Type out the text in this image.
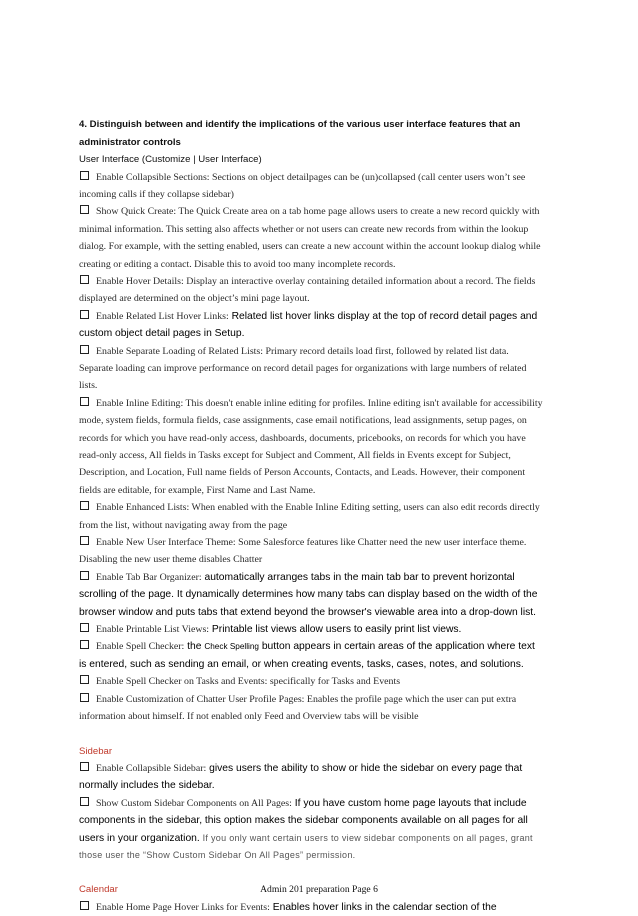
4. Distinguish between and identify the implications of the various user interface features that an administrator controls

User Interface (Customize | User Interface)

Enable Collapsible Sections: Sections on object detailpages can be (un)collapsed (call center users won’t see incoming calls if they collapse sidebar)

Show Quick Create: The Quick Create area on a tab home page allows users to create a new record quickly with minimal information. This setting also affects whether or not users can create new records from within the lookup dialog. For example, with the setting enabled, users can create a new account within the account lookup dialog while creating or editing a contact. Disable this to avoid too many incomplete records.

Enable Hover Details: Display an interactive overlay containing detailed information about a record. The fields displayed are determined on the object’s mini page layout.

Enable Related List Hover Links: Related list hover links display at the top of record detail pages and custom object detail pages in Setup.

Enable Separate Loading of Related Lists: Primary record details load first, followed by related list data. Separate loading can improve performance on record detail pages for organizations with large numbers of related lists.

Enable Inline Editing: This doesn't enable inline editing for profiles. Inline editing isn't available for accessibility mode, system fields, formula fields, case assignments, case email notifications, lead assignments, setup pages, on records for which you have read-only access, dashboards, documents, pricebooks, on records for which you have read-only access, All fields in Tasks except for Subject and Comment, All fields in Events except for Subject, Description, and Location, Full name fields of Person Accounts, Contacts, and Leads. However, their component fields are editable, for example, First Name and Last Name.

Enable Enhanced Lists: When enabled with the Enable Inline Editing setting, users can also edit records directly from the list, without navigating away from the page

Enable New User Interface Theme: Some Salesforce features like Chatter need the new user interface theme. Disabling the new user theme disables Chatter

Enable Tab Bar Organizer: automatically arranges tabs in the main tab bar to prevent horizontal scrolling of the page. It dynamically determines how many tabs can display based on the width of the browser window and puts tabs that extend beyond the browser's viewable area into a drop-down list.

Enable Printable List Views: Printable list views allow users to easily print list views.

Enable Spell Checker: the Check Spelling button appears in certain areas of the application where text is entered, such as sending an email, or when creating events, tasks, cases, notes, and solutions.

Enable Spell Checker on Tasks and Events: specifically for Tasks and Events

Enable Customization of Chatter User Profile Pages: Enables the profile page which the user can put extra information about himself. If not enabled only Feed and Overview tabs will be visible

Sidebar

Enable Collapsible Sidebar: gives users the ability to show or hide the sidebar on every page that normally includes the sidebar.

Show Custom Sidebar Components on All Pages: If you have custom home page layouts that include components in the sidebar, this option makes the sidebar components available on all pages for all users in your organization. If you only want certain users to view sidebar components on all pages, grant those user the “Show Custom Sidebar On All Pages” permission.

Calendar

Enable Home Page Hover Links for Events: Enables hover links in the calendar section of the

Admin 201 preparation Page 6
